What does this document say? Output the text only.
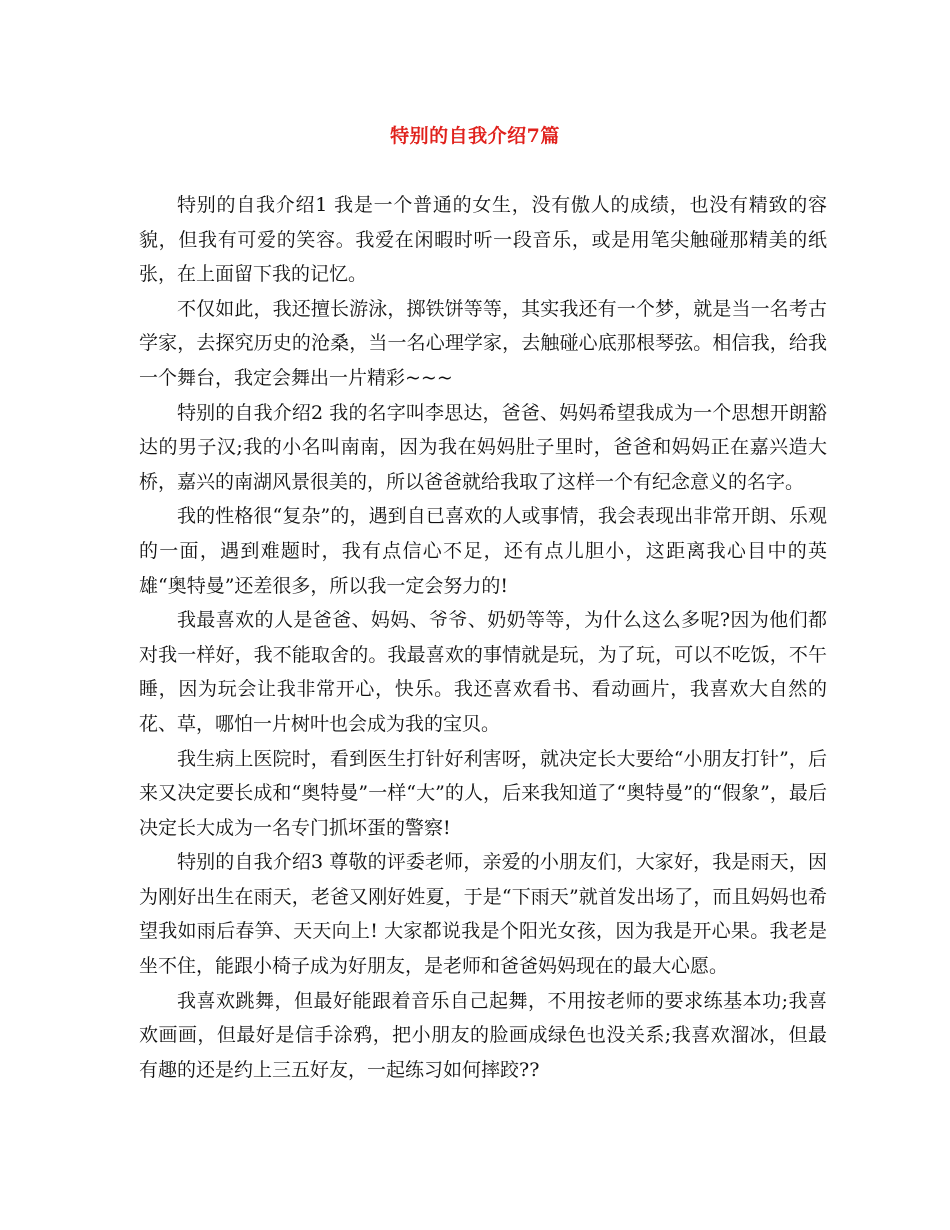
特别的自我介绍7篇

特别的自我介绍1 我是一个普通的女生，没有傲人的成绩，也没有精致的容貌，但我有可爱的笑容。我爱在闲暇时听一段音乐，或是用笔尖触碰那精美的纸张，在上面留下我的记忆。

不仅如此，我还擅长游泳，掷铁饼等等，其实我还有一个梦，就是当一名考古学家，去探究历史的沧桑，当一名心理学家，去触碰心底那根琴弦。相信我，给我一个舞台，我定会舞出一片精彩~~~

特别的自我介绍2 我的名字叫李思达，爸爸、妈妈希望我成为一个思想开朗豁达的男子汉;我的小名叫南南，因为我在妈妈肚子里时，爸爸和妈妈正在嘉兴造大桥，嘉兴的南湖风景很美的，所以爸爸就给我取了这样一个有纪念意义的名字。

我的性格很“复杂”的，遇到自已喜欢的人或事情，我会表现出非常开朗、乐观的一面，遇到难题时，我有点信心不足，还有点儿胆小，这距离我心目中的英雄“奥特曼”还差很多，所以我一定会努力的!

我最喜欢的人是爸爸、妈妈、爷爷、奶奶等等，为什么这么多呢?因为他们都对我一样好，我不能取舍的。我最喜欢的事情就是玩，为了玩，可以不吃饭，不午睡，因为玩会让我非常开心，快乐。我还喜欢看书、看动画片，我喜欢大自然的花、草，哪怕一片树叶也会成为我的宝贝。

我生病上医院时，看到医生打针好利害呀，就决定长大要给“小朋友打针”，后来又决定要长成和“奥特曼”一样“大”的人，后来我知道了“奥特曼”的“假象”，最后决定长大成为一名专门抓坏蛋的警察!

特别的自我介绍3 尊敬的评委老师，亲爱的小朋友们，大家好，我是雨天，因为刚好出生在雨天，老爸又刚好姓夏，于是“下雨天”就首发出场了，而且妈妈也希望我如雨后春笋、天天向上! 大家都说我是个阳光女孩，因为我是开心果。我老是坐不住，能跟小椅子成为好朋友，是老师和爸爸妈妈现在的最大心愿。

我喜欢跳舞，但最好能跟着音乐自己起舞，不用按老师的要求练基本功;我喜欢画画，但最好是信手涂鸦，把小朋友的脸画成绿色也没关系;我喜欢溜冰，但最有趣的还是约上三五好友，一起练习如何摔跤??
